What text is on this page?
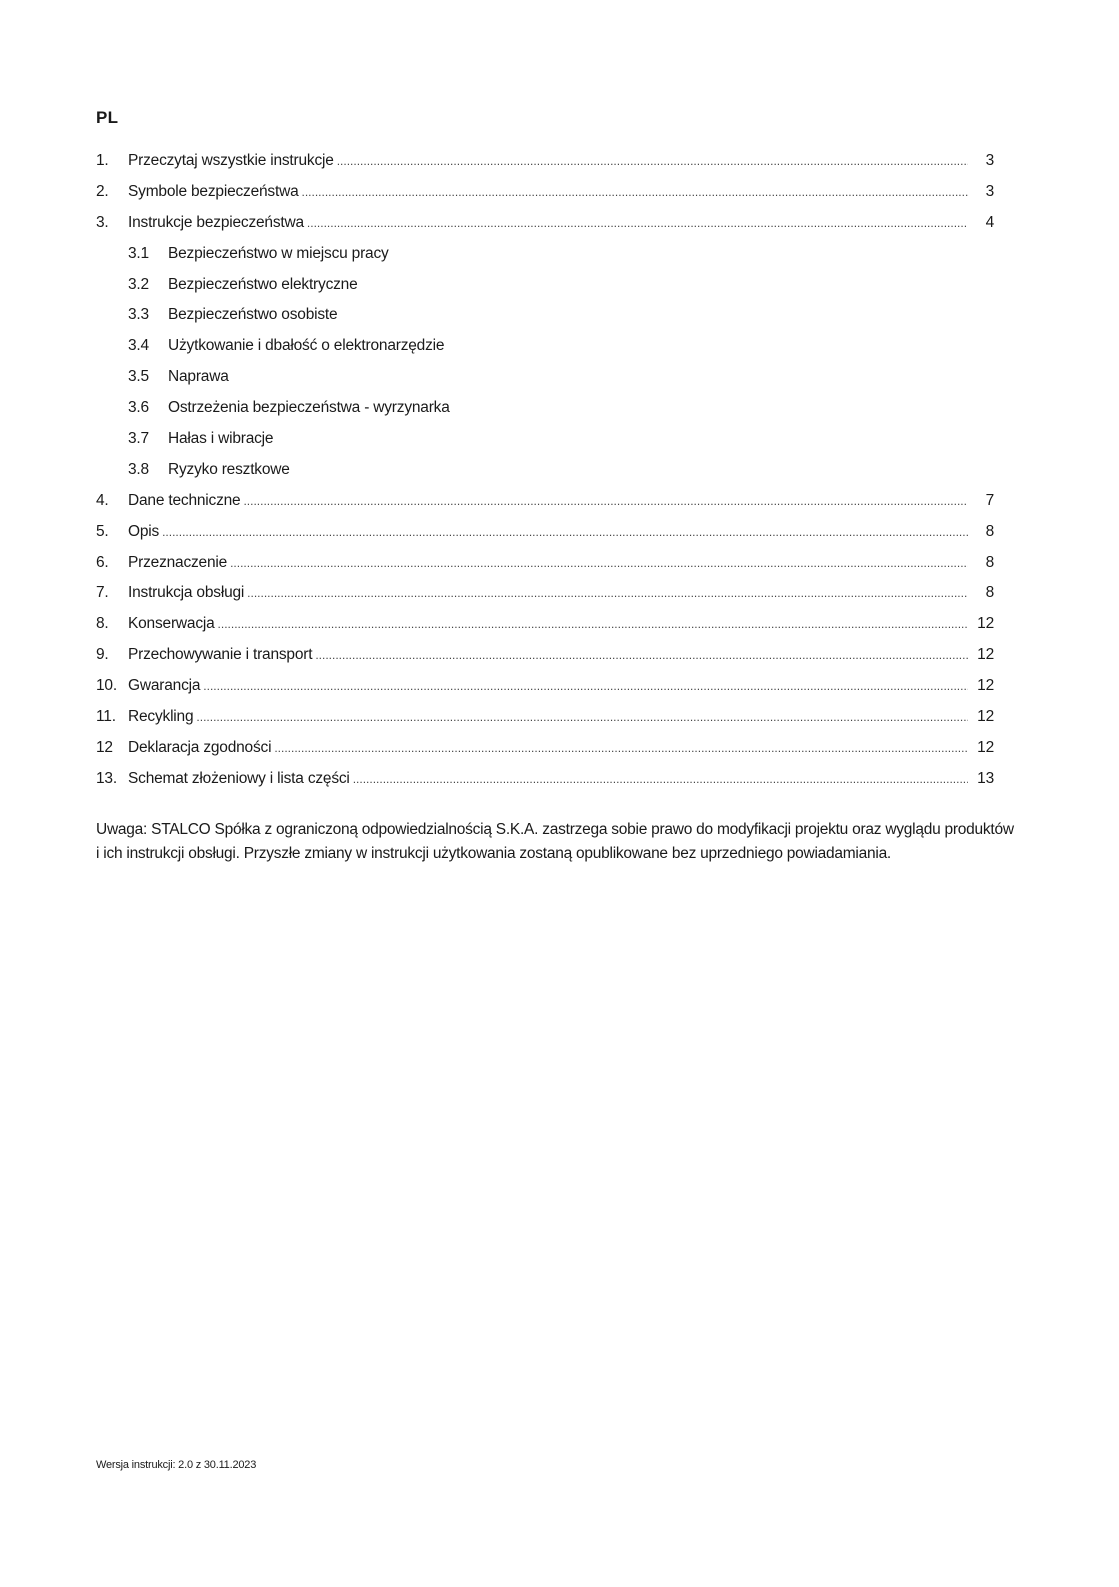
PL
1.	Przeczytaj wszystkie instrukcje .....	3
2.	Symbole bezpieczeństwa .....	3
3.	Instrukcje bezpieczeństwa .....	4
3.1	Bezpieczeństwo w miejscu pracy
3.2	Bezpieczeństwo elektryczne
3.3	Bezpieczeństwo osobiste
3.4	Użytkowanie i dbałość o elektronarzędzie
3.5	Naprawa
3.6	Ostrzeżenia bezpieczeństwa - wyrzynarka
3.7	Hałas i wibracje
3.8	Ryzyko resztkowe
4.	Dane techniczne .....	7
5.	Opis .....	8
6.	Przeznaczenie .....	8
7.	Instrukcja obsługi .....	8
8.	Konserwacja .....	12
9.	Przechowywanie i transport .....	12
10. Gwarancja .....	12
11. Recykling .....	12
12 Deklaracja zgodności .....	12
13. Schemat złożeniowy i lista części .....	13

Uwaga: STALCO Spółka z ograniczoną odpowiedzialnością S.K.A. zastrzega sobie prawo do modyfikacji projektu oraz wyglądu produktów i ich instrukcji obsługi. Przyszłe zmiany w instrukcji użytkowania zostaną opublikowane bez uprzedniego powiadamiania.

Wersja instrukcji: 2.0 z 30.11.2023
